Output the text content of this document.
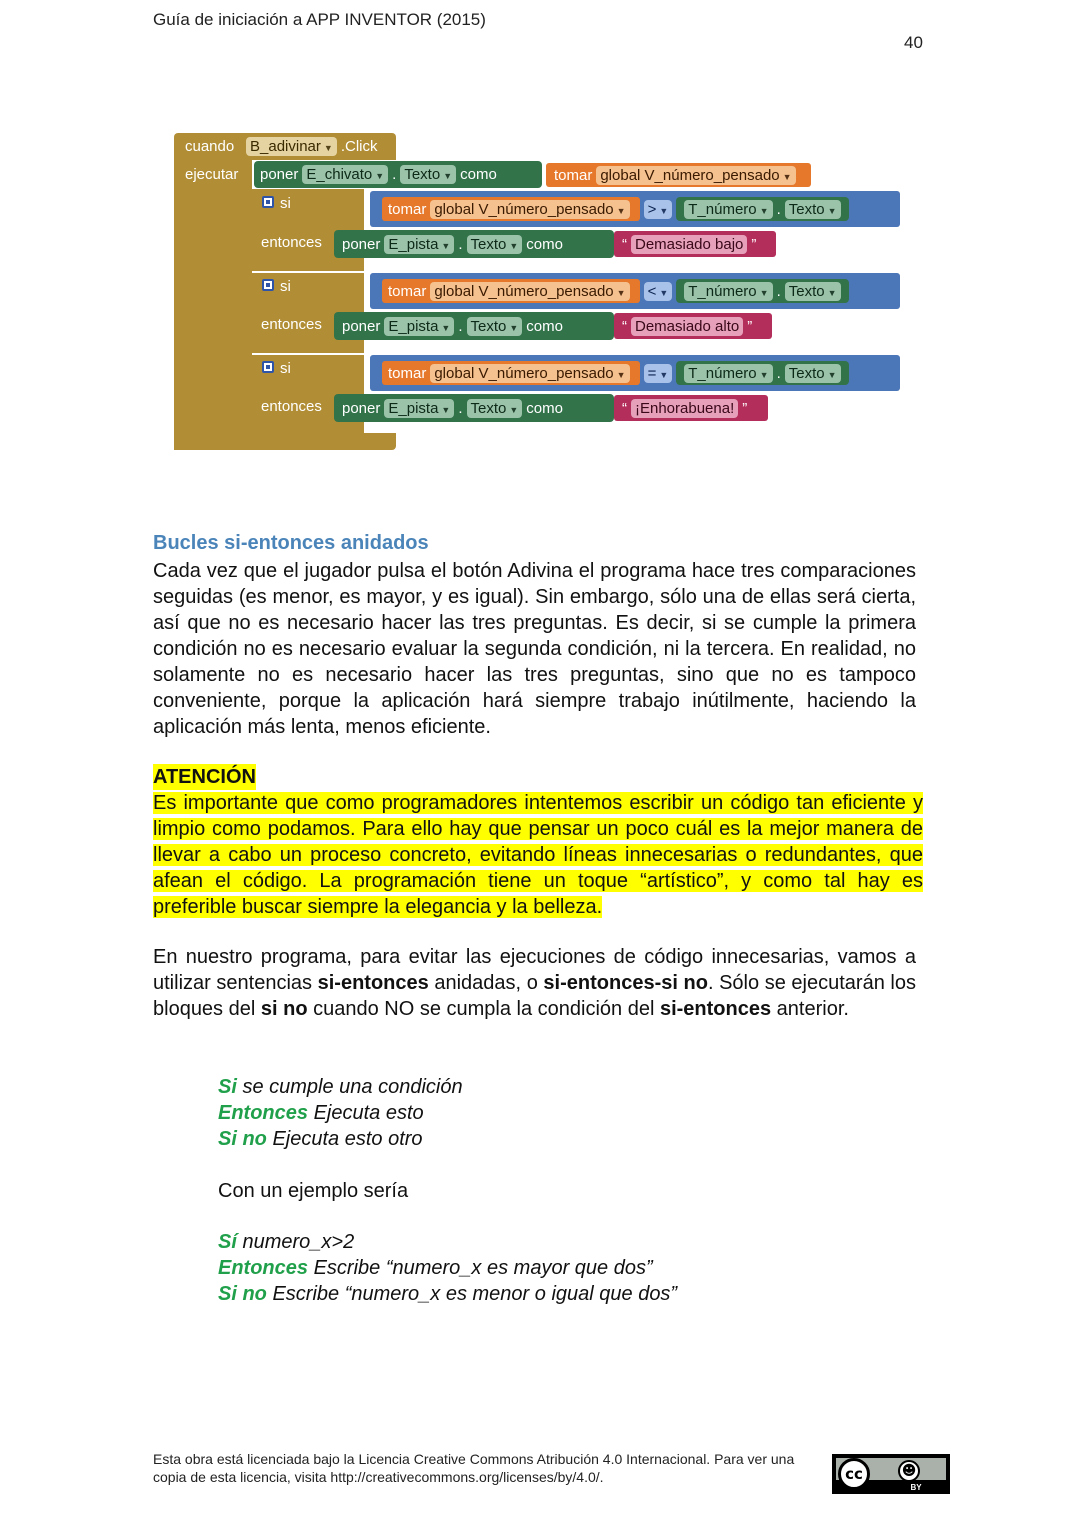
Guía de iniciación a APP INVENTOR (2015)
40
cuando	B_adivinar ▼ .Click
ejecutar poner E_chivato ▼ . Texto ▼ como	tomar global V_número_pensado ▼
si	tomar global V_número_pensado ▼ > ▼ T_número ▼ . Texto ▼
entonces poner E_pista ▼ . Texto ▼ como	“ Demasiado bajo ”
si	tomar global V_número_pensado ▼ < ▼ T_número ▼ . Texto ▼
entonces poner E_pista ▼ . Texto ▼ como	“ Demasiado alto ”
si	tomar global V_número_pensado ▼ = ▼ T_número ▼ . Texto ▼
entonces poner E_pista ▼ . Texto ▼ como	“ ¡Enhorabuena! ”
Bucles si-entonces anidados
Cada vez que el jugador pulsa el botón Adivina el programa hace tres comparaciones seguidas (es menor, es mayor, y es igual). Sin embargo, sólo una de ellas será cierta, así que no es necesario hacer las tres preguntas. Es decir, si se cumple la primera condición no es necesario evaluar la segunda condición, ni la tercera. En realidad, no solamente no es necesario hacer las tres preguntas, sino que no es tampoco conveniente, porque la aplicación hará siempre trabajo inútilmente, haciendo la aplicación más lenta, menos eficiente.
ATENCIÓN
Es importante que como programadores intentemos escribir un código tan eficiente y limpio como podamos. Para ello hay que pensar un poco cuál es la mejor manera de llevar a cabo un proceso concreto, evitando líneas innecesarias o redundantes, que afean el código. La programación tiene un toque “artístico”, y como tal hay es preferible buscar siempre la elegancia y la belleza.
En nuestro programa, para evitar las ejecuciones de código innecesarias, vamos a utilizar sentencias si-entonces anidadas, o si-entonces-si no. Sólo se ejecutarán los bloques del si no cuando NO se cumpla la condición del si-entonces anterior.
Si se cumple una condición
Entonces Ejecuta esto
Si no Ejecuta esto otro
Con un ejemplo sería
Sí numero_x>2
Entonces Escribe “numero_x es mayor que dos”
Si no Escribe “numero_x es menor o igual que dos”
Esta obra está licenciada bajo la Licencia Creative Commons Atribución 4.0 Internacional. Para ver una copia de esta licencia, visita http://creativecommons.org/licenses/by/4.0/.	cc	☻
BY
